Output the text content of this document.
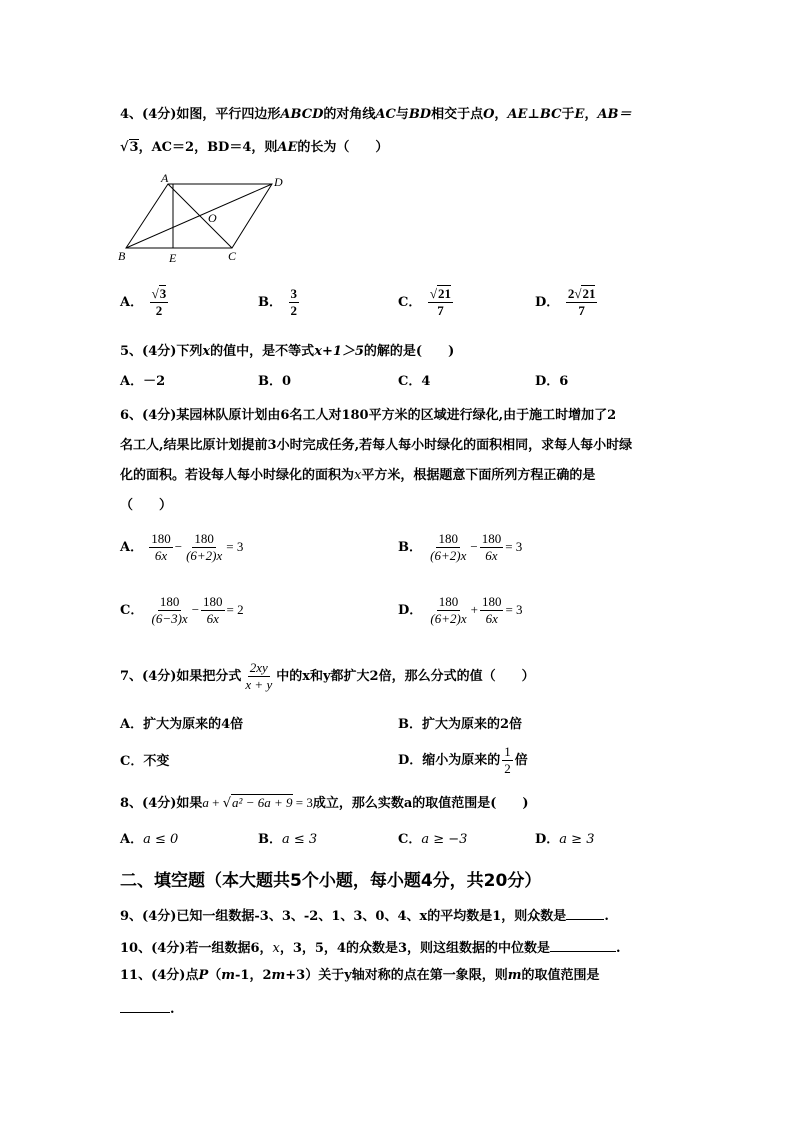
4、(4分)如图，平行四边形ABCD的对角线AC与BD相交于点O，AE⊥BC于E，AB＝
√3，AC＝2，BD＝4，则AE的长为（　　）
A	D
O
B	E	C
A． $\frac{√3}{2}$	B． $\frac{3}{2}$	C． $\frac{√21}{7}$	D． $\frac{2√21}{7}$
5、(4分)下列x的值中，是不等式x+1＞5的解的是(　　)
A．－2	B．0	C．4	D．6
6、(4分)某园林队原计划由6名工人对180平方米的区域进行绿化,由于施工时增加了2
名工人,结果比原计划提前3小时完成任务,若每人每小时绿化的面积相同，求每人每小时绿
化的面积。若设每人每小时绿化的面积为x平方米，根据题意下面所列方程正确的是
（　　）
A． $\frac{180}{6x} - \frac{180}{(6+2)x} = 3$	B． $\frac{180}{(6+2)x} - \frac{180}{6x} = 3$
C． $\frac{180}{(6-3)x} - \frac{180}{6x} = 2$	D． $\frac{180}{(6+2)x} + \frac{180}{6x} = 3$
7、(4分)如果把分式 $\frac{2xy}{x + y}$ 中的x和y都扩大2倍，那么分式的值（　　）
A．扩大为原来的4倍	B．扩大为原来的2倍
C．不变	D．缩小为原来的 $\frac{1}{2}$ 倍
8、(4分)如果a + √a² − 6a + 9 = 3成立，那么实数a的取值范围是(　　)
A．a ≤ 0	B．a ≤ 3	C．a ≥ −3	D．a ≥ 3
二、填空题（本大题共5个小题，每小题4分，共20分）
9、(4分)已知一组数据-3、3、-2、1、3、0、4、x的平均数是1，则众数是	.
10、(4分)若一组数据6，x，3，5，4的众数是3，则这组数据的中位数是	.
11、(4分)点P（m-1，2m+3）关于y轴对称的点在第一象限，则m的取值范围是
.
